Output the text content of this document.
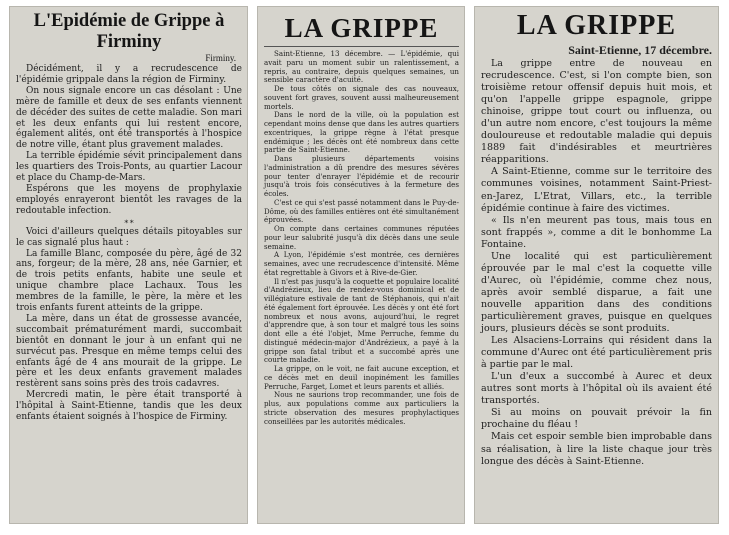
L'Epidémie de Grippe à Firminy
Firminy.

Décidément, il y a recrudescence de l'épidémie grippale dans la région de Firminy.

On nous signale encore un cas désolant : Une mère de famille et deux de ses enfants viennent de décéder des suites de cette maladie. Son mari et les deux enfants qui lui restent encore, également alités, ont été transportés à l'hospice de notre ville, étant plus gravement malades.

La terrible épidémie sévit principalement dans les quartiers des Trois-Ponts, au quartier Lacour et place du Champ-de-Mars.

Espérons que les moyens de prophylaxie employés enrayeront bientôt les ravages de la redoutable infection.

∗∗

Voici d'ailleurs quelques détails pitoyables sur le cas signalé plus haut :

La famille Blanc, composée du père, âgé de 32 ans, forgeur; de la mère, 28 ans, née Garnier, et de trois petits enfants, habite une seule et unique chambre place Lachaux. Tous les membres de la famille, le père, la mère et les trois enfants furent atteints de la grippe.

La mère, dans un état de grossesse avancée, succombait prématurément mardi, succombait bientôt en donnant le jour à un enfant qui ne survécut pas. Presque en même temps celui des enfants âgé de 4 ans mourait de la grippe. Le père et les deux enfants gravement malades restèrent sans soins près des trois cadavres.

Mercredi matin, le père était transporté à l'hôpital à Saint-Etienne, tandis que les deux enfants étaient soignés à l'hospice de Firminy.

LA GRIPPE

Saint-Etienne, 13 décembre. — L'épidémie, qui avait paru un moment subir un ralentissement, a repris, au contraire, depuis quelques semaines, un sensible caractère d'acuité.

De tous côtés on signale des cas nouveaux, souvent fort graves, souvent aussi malheureusement mortels.

Dans le nord de la ville, où la population est cependant moins dense que dans les autres quartiers excentriques, la grippe règne à l'état presque endémique ; les décès ont été nombreux dans cette partie de Saint-Etienne.

Dans plusieurs départements voisins l'administration a dû prendre des mesures sévères pour tenter d'enrayer l'épidémie et de recourir jusqu'à trois fois consécutives à la fermeture des écoles.

C'est ce qui s'est passé notamment dans le Puy-de-Dôme, où des familles entières ont été simultanément éprouvées.

On compte dans certaines communes réputées pour leur salubrité jusqu'à dix décès dans une seule semaine.

A Lyon, l'épidémie s'est montrée, ces dernières semaines, avec une recrudescence d'intensité. Même état regrettable à Givors et à Rive-de-Gier.

Il n'est pas jusqu'à la coquette et populaire localité d'Andrézieux, lieu de rendez-vous dominical et de villégiature estivale de tant de Stéphanois, qui n'ait été également fort éprouvée. Les décès y ont été fort nombreux et nous avons, aujourd'hui, le regret d'apprendre que, à son tour et malgré tous les soins dont elle a été l'objet, Mme Perruche, femme du distingué médecin-major d'Andrézieux, a payé à la grippe son fatal tribut et a succombé après une courte maladie.

La grippe, on le voit, ne fait aucune exception, et ce décès met en deuil inopinément les familles Perruche, Farget, Lomet et leurs parents et alliés.

Nous ne saurions trop recommander, une fois de plus, aux populations comme aux particuliers la stricte observation des mesures prophylactiques conseillées par les autorités médicales.

LA GRIPPE
Saint-Etienne, 17 décembre.

La grippe entre de nouveau en recrudescence. C'est, si l'on compte bien, son troisième retour offensif depuis huit mois, et qu'on l'appelle grippe espagnole, grippe chinoise, grippe tout court ou influenza, ou d'un autre nom encore, c'est toujours la même douloureuse et redoutable maladie qui depuis 1889 fait d'indésirables et meurtrières réapparitions.

A Saint-Etienne, comme sur le territoire des communes voisines, notamment Saint-Priest-en-Jarez, L'Etrat, Villars, etc., la terrible épidémie continue à faire des victimes.

« Ils n'en meurent pas tous, mais tous en sont frappés », comme a dit le bonhomme La Fontaine.

Une localité qui est particulièrement éprouvée par le mal c'est la coquette ville d'Aurec, où l'épidémie, comme chez nous, après avoir semblé disparue, a fait une nouvelle apparition dans des conditions particulièrement graves, puisque en quelques jours, plusieurs décès se sont produits.

Les Alsaciens-Lorrains qui résident dans la commune d'Aurec ont été particulièrement pris à partie par le mal.

L'un d'eux a succombé à Aurec et deux autres sont morts à l'hôpital où ils avaient été transportés.

Si au moins on pouvait prévoir la fin prochaine du fléau !

Mais cet espoir semble bien improbable dans sa réalisation, à lire la liste chaque jour très longue des décès à Saint-Etienne.
